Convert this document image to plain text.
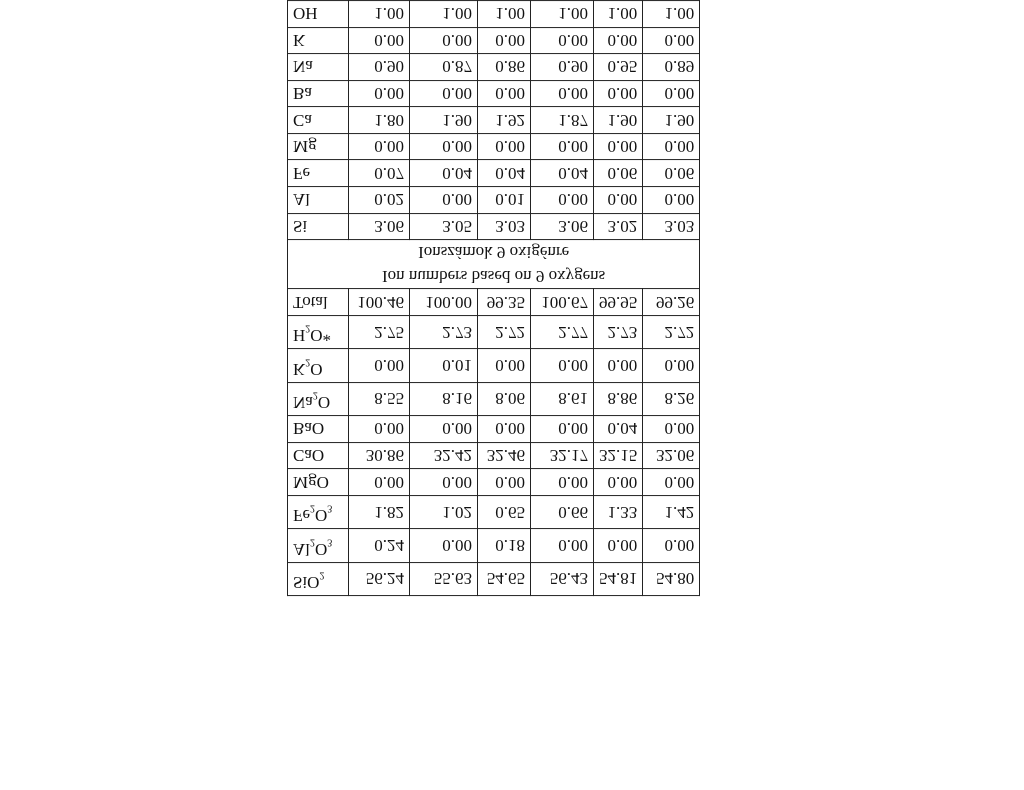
SiO$_2$	56.24	55.63	54.65	56.43	54.81	54.80
$Al_2O_3$	0.24	0.00	0.18	0.00	0.00	0.00
$Fe_2O_3$	1.82	1.02	0.65	0.66	1.33	1.42
MgO	0.00	0.00	0.00	0.00	0.00	0.00
CaO	30.86	32.42	32.46	32.17	32.15	32.06
BaO	0.00	0.00	0.00	0.00	0.04	0.00
$Na_2O$	8.55	8.16	8.06	8.61	8.86	8.26
$K_2O$	0.00	0.01	0.00	0.00	0.00	0.00
$H_2O*$	2.75	2.73	2.72	2.77	2.73	2.72
Total	100.46	100.00	99.35	100.67	99.95	99.26

Ion numbers based on 9 oxygens
Ionszámok 9 oxigénre						

Si	3.06	3.05	3.03	3.06	3.02	3.03
Al	0.02	0.00	0.01	0.00	0.00	0.00
Fe	0.07	0.04	0.04	0.04	0.06	0.06
Mg	0.00	0.00	0.00	0.00	0.00	0.00
Ca	1.80	1.90	1.92	1.87	1.90	1.90
Ba	0.00	0.00	0.00	0.00	0.00	0.00
Na	0.90	0.87	0.86	0.90	0.95	0.89
K	0.00	0.00	0.00	0.00	0.00	0.00
OH	1.00	1.00	1.00	1.00	1.00	1.00
